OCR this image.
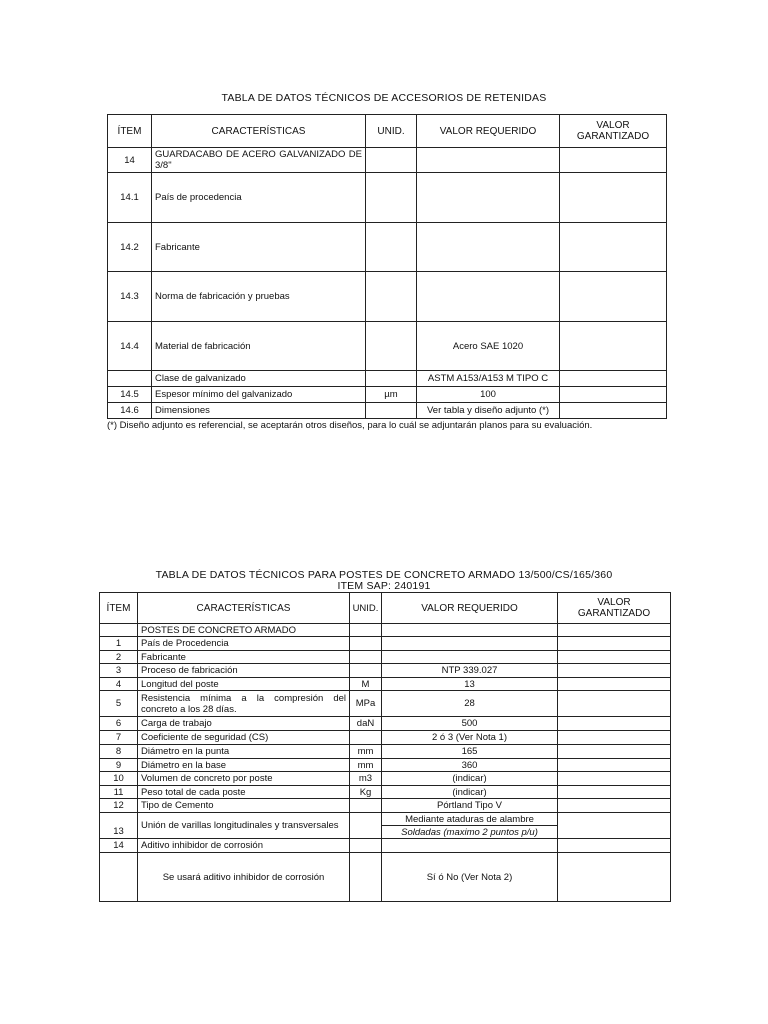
TABLA DE DATOS TÉCNICOS DE ACCESORIOS DE RETENIDAS
ÍTEM	CARACTERÍSTICAS	UNID.	VALOR REQUERIDO	VALOR
GARANTIZADO
14	GUARDACABO DE ACERO GALVANIZADO DE 3/8"			
14.1	País de procedencia			
14.2	Fabricante			
14.3	Norma de fabricación y pruebas			
14.4	Material de fabricación		Acero SAE 1020	
	Clase de galvanizado		ASTM A153/A153 M TIPO C	
14.5	Espesor mínimo del galvanizado	µm	100	
14.6	Dimensiones		Ver tabla y diseño adjunto (*)	
(*) Diseño adjunto es referencial, se aceptarán otros diseños, para lo cuál se adjuntarán planos para su evaluación.
TABLA DE DATOS TÉCNICOS PARA POSTES DE CONCRETO ARMADO 13/500/CS/165/360
ITEM SAP: 240191
ÍTEM	CARACTERÍSTICAS	UNID.	VALOR REQUERIDO	VALOR
GARANTIZADO
	POSTES DE CONCRETO ARMADO			
1	País de Procedencia			
2	Fabricante			
3	Proceso de fabricación		NTP 339.027	
4	Longitud del poste	M	13	
5	Resistencia mínima a la compresión del concreto a los 28 días.	MPa	28	
6	Carga de trabajo	daN	500	
7	Coeficiente de seguridad (CS)		2 ó 3 (Ver Nota 1)	
8	Diámetro en la punta	mm	165	
9	Diámetro en la base	mm	360	
10	Volumen de concreto por poste	m3	(indicar)	
11	Peso total de cada poste	Kg	(indicar)	
12	Tipo de Cemento		Pórtland Tipo V	
13	Unión de varillas longitudinales y transversales		Mediante ataduras de alambre	
			Soldadas (maximo 2 puntos p/u)	
14	Aditivo inhibidor de corrosión			
	Se usará aditivo inhibidor de corrosión		Sí ó No (Ver Nota 2)	
